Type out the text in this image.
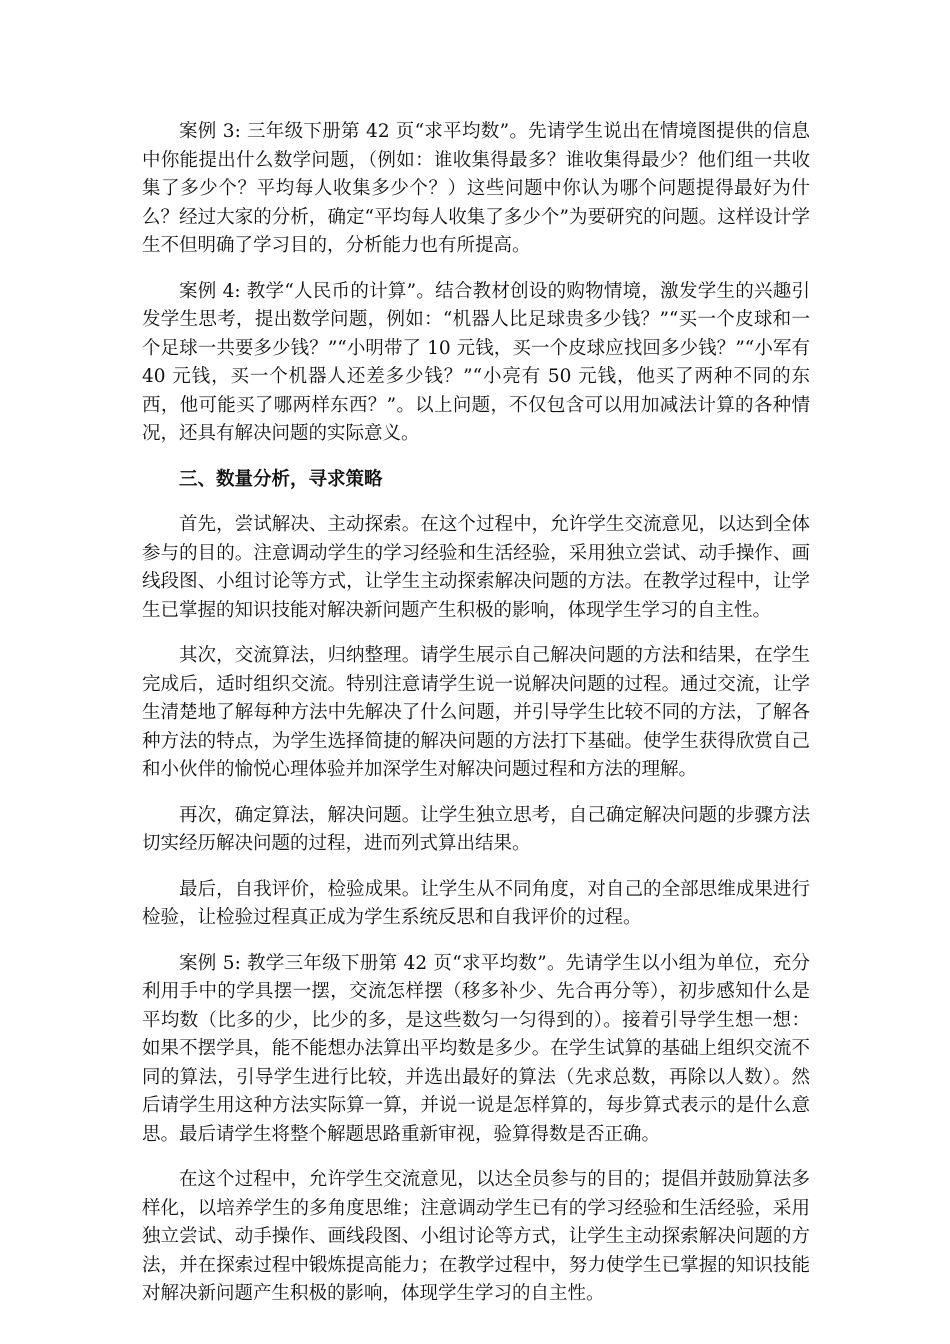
案例 3: 三年级下册第 42 页“求平均数”。先请学生说出在情境图提供的信息中你能提出什么数学问题，（例如：谁收集得最多？谁收集得最少？他们组一共收集了多少个？平均每人收集多少个？）这些问题中你认为哪个问题提得最好为什么？经过大家的分析，确定“平均每人收集了多少个”为要研究的问题。这样设计学生不但明确了学习目的，分析能力也有所提高。

案例 4: 教学“人民币的计算”。结合教材创设的购物情境，激发学生的兴趣引发学生思考，提出数学问题，例如：“机器人比足球贵多少钱？”“买一个皮球和一个足球一共要多少钱？”“小明带了 10 元钱，买一个皮球应找回多少钱？”“小军有 40 元钱，买一个机器人还差多少钱？”“小亮有 50 元钱，他买了两种不同的东西，他可能买了哪两样东西？”。以上问题，不仅包含可以用加减法计算的各种情况，还具有解决问题的实际意义。

三、数量分析，寻求策略

首先，尝试解决、主动探索。在这个过程中，允许学生交流意见，以达到全体参与的目的。注意调动学生的学习经验和生活经验，采用独立尝试、动手操作、画线段图、小组讨论等方式，让学生主动探索解决问题的方法。在教学过程中，让学生已掌握的知识技能对解决新问题产生积极的影响，体现学生学习的自主性。

其次，交流算法，归纳整理。请学生展示自己解决问题的方法和结果，在学生完成后，适时组织交流。特别注意请学生说一说解决问题的过程。通过交流，让学生清楚地了解每种方法中先解决了什么问题，并引导学生比较不同的方法，了解各种方法的特点，为学生选择简捷的解决问题的方法打下基础。使学生获得欣赏自己和小伙伴的愉悦心理体验并加深学生对解决问题过程和方法的理解。

再次，确定算法，解决问题。让学生独立思考，自己确定解决问题的步骤方法切实经历解决问题的过程，进而列式算出结果。

最后，自我评价，检验成果。让学生从不同角度，对自己的全部思维成果进行检验，让检验过程真正成为学生系统反思和自我评价的过程。

案例 5: 教学三年级下册第 42 页“求平均数”。先请学生以小组为单位，充分利用手中的学具摆一摆，交流怎样摆（移多补少、先合再分等），初步感知什么是平均数（比多的少，比少的多，是这些数匀一匀得到的）。接着引导学生想一想：如果不摆学具，能不能想办法算出平均数是多少。在学生试算的基础上组织交流不同的算法，引导学生进行比较，并选出最好的算法（先求总数，再除以人数）。然后请学生用这种方法实际算一算，并说一说是怎样算的，每步算式表示的是什么意思。最后请学生将整个解题思路重新审视，验算得数是否正确。

在这个过程中，允许学生交流意见，以达全员参与的目的；提倡并鼓励算法多样化，以培养学生的多角度思维；注意调动学生已有的学习经验和生活经验，采用独立尝试、动手操作、画线段图、小组讨论等方式，让学生主动探索解决问题的方法，并在探索过程中锻炼提高能力；在教学过程中，努力使学生已掌握的知识技能对解决新问题产生积极的影响，体现学生学习的自主性。
